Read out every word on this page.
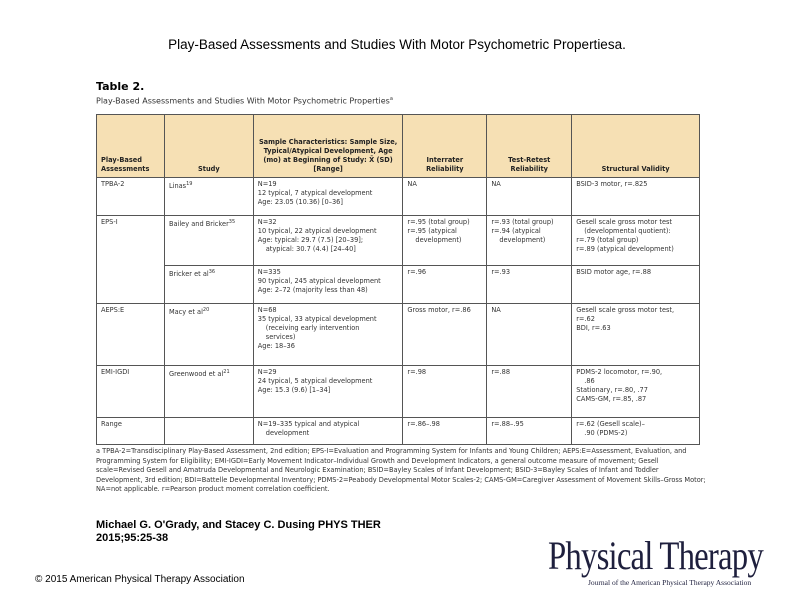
Play-Based Assessments and Studies With Motor Psychometric Propertiesa.
Table 2.
Play-Based Assessments and Studies With Motor Psychometric Properties$^a$
Play-Based Assessments	Study	Sample Characteristics: Sample Size, Typical/Atypical Development, Age (mo) at Beginning of Study: X̄ (SD) [Range]	Interrater Reliability	Test-Retest Reliability	Structural Validity
TPBA-2	Linas$^{19}$	N=19
12 typical, 7 atypical development
Age: 23.05 (10.36) [0–36]	NA	NA	BSID-3 motor, r=.825

EPS-I	Bailey and Bricker$^{35}$	N=32
10 typical, 22 atypical development
Age: typical: 29.7 (7.5) [20–39];
atypical: 30.7 (4.4) [24–40]	r=.95 (total group)
r=.95 (atypical
development)	r=.93 (total group)
r=.94 (atypical
development)	Gesell scale gross motor test
(developmental quotient):
r=.79 (total group)
r=.89 (atypical development)

	Bricker et $al^{36}$	N=335
90 typical, 245 atypical development
Age: 2–72 (majority less than 48)	r=.96	r=.93	BSID motor age, r=.88

AEPS:E	Macy et $al^{20}$	N=68
35 typical, 33 atypical development
(receiving early intervention
services)
Age: 18–36	Gross motor, r=.86	NA	Gesell scale gross motor test,
r=.62
BDI, r=.63

EMI-IGDI	Greenwood et $al^{21}$	N=29
24 typical, 5 atypical development
Age: 15.3 (9.6) [1–34]	r=.98	r=.88	PDMS-2 locomotor, r=.90,
.86
Stationary, r=.80, .77
CAMS-GM, r=.85, .87

Range		N=19–335 typical and atypical
development	r=.86–.98	r=.88–.95	r=.62 (Gesell scale)–
.90 (PDMS-2)
a TPBA-2=Transdisciplinary Play-Based Assessment, 2nd edition; EPS-I=Evaluation and Programming System for Infants and Young Children; AEPS:E=Assessment, Evaluation, and Programming System for Eligibility; EMI-IGDI=Early Movement Indicator–Individual Growth and Development Indicators, a general outcome measure of movement; Gesell scale=Revised Gesell and Amatruda Developmental and Neurologic Examination; BSID=Bayley Scales of Infant Development; BSID-3=Bayley Scales of Infant and Toddler Development, 3rd edition; BDI=Battelle Developmental Inventory; PDMS-2=Peabody Developmental Motor Scales-2; CAMS-GM=Caregiver Assessment of Movement Skills–Gross Motor; NA=not applicable. r=Pearson product moment correlation coefficient.
Michael G. O'Grady, and Stacey C. Dusing PHYS THER
2015;95:25-38
© 2015 American Physical Therapy Association
Physical Therapy
Journal of the American Physical Therapy Association
